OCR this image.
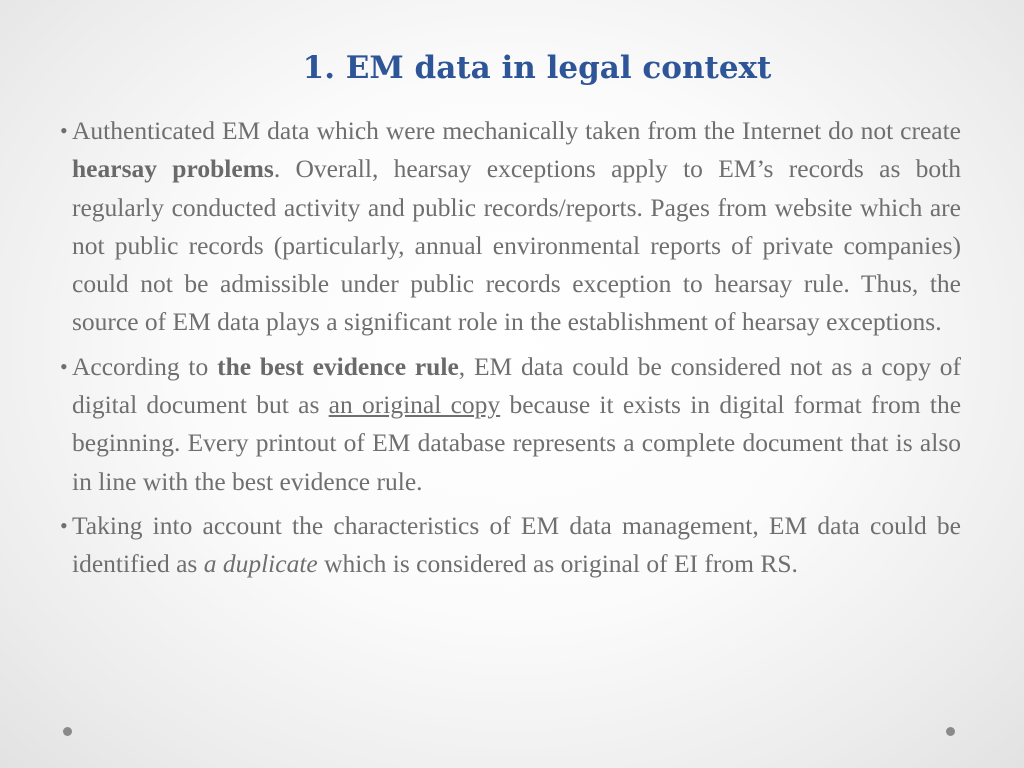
1. EM data in legal context
• Authenticated EM data which were mechanically taken from the Internet do not create hearsay problems. Overall, hearsay exceptions apply to EM’s records as both regularly conducted activity and public records/reports. Pages from website which are not public records (particularly, annual environmental reports of private companies) could not be admissible under public records exception to hearsay rule. Thus, the source of EM data plays a significant role in the establishment of hearsay exceptions.
• According to the best evidence rule, EM data could be considered not as a copy of digital document but as an original copy because it exists in digital format from the beginning. Every printout of EM database represents a complete document that is also in line with the best evidence rule.
• Taking into account the characteristics of EM data management, EM data could be identified as a duplicate which is considered as original of EI from RS.
